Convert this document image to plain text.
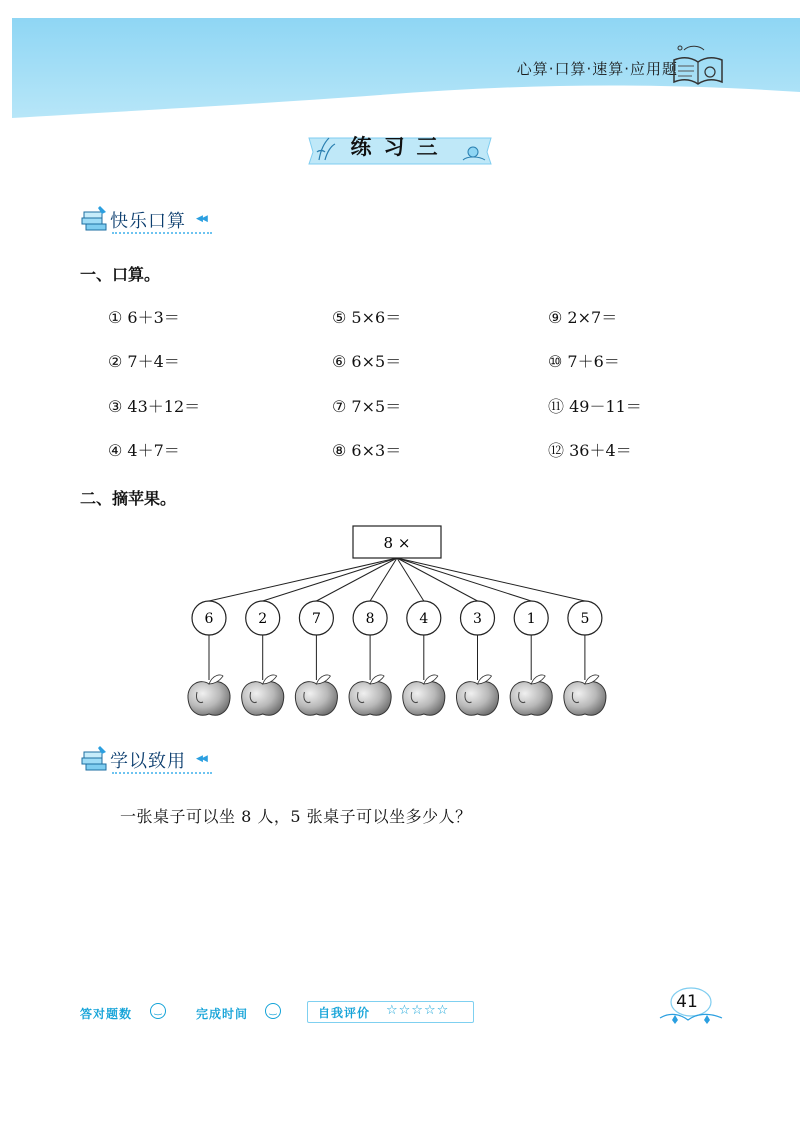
心算·口算·速算·应用题
练习三
快乐口算 ◀◀
一、口算。
① 6＋3＝
② 7＋4＝
③ 43＋12＝
④ 4＋7＝
⑤ 5×6＝
⑥ 6×5＝
⑦ 7×5＝
⑧ 6×3＝
⑨ 2×7＝
⑩ 7＋6＝
⑪ 49－11＝
⑫ 36＋4＝
二、摘苹果。
8 ×
6	2	7	8	4	3	1	5
学以致用 ◀◀
一张桌子可以坐 8 人，5 张桌子可以坐多少人？
答对题数	‿	完成时间	‿	自我评价 ☆☆☆☆☆	41
